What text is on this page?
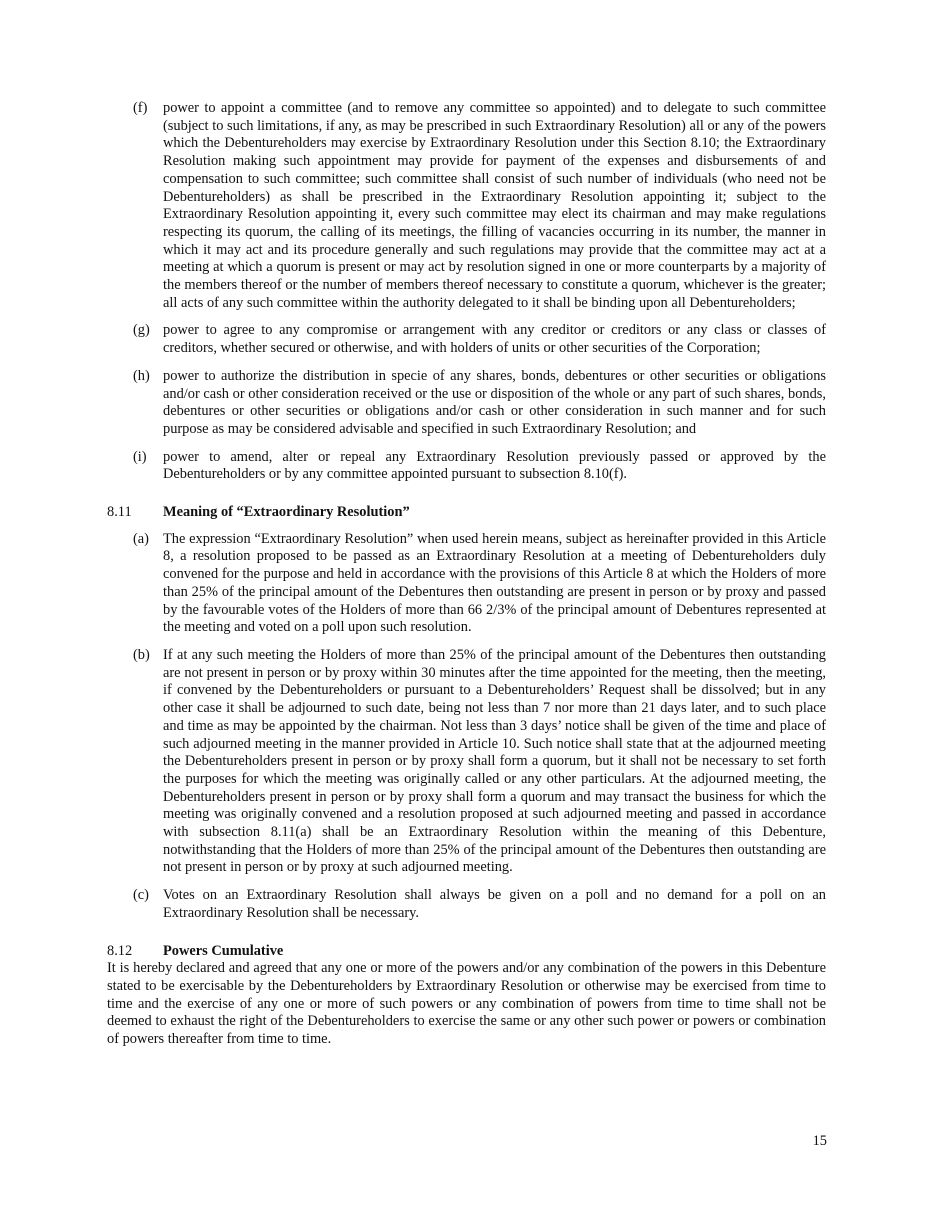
(f)	power to appoint a committee (and to remove any committee so appointed) and to delegate to such committee (subject to such limitations, if any, as may be prescribed in such Extraordinary Resolution) all or any of the powers which the Debentureholders may exercise by Extraordinary Resolution under this Section 8.10; the Extraordinary Resolution making such appointment may provide for payment of the expenses and disbursements of and compensation to such committee; such committee shall consist of such number of individuals (who need not be Debentureholders) as shall be prescribed in the Extraordinary Resolution appointing it; subject to the Extraordinary Resolution appointing it, every such committee may elect its chairman and may make regulations respecting its quorum, the calling of its meetings, the filling of vacancies occurring in its number, the manner in which it may act and its procedure generally and such regulations may provide that the committee may act at a meeting at which a quorum is present or may act by resolution signed in one or more counterparts by a majority of the members thereof or the number of members thereof necessary to constitute a quorum, whichever is the greater; all acts of any such committee within the authority delegated to it shall be binding upon all Debentureholders;
(g) power to agree to any compromise or arrangement with any creditor or creditors or any class or classes of creditors, whether secured or otherwise, and with holders of units or other securities of the Corporation;
(h) power to authorize the distribution in specie of any shares, bonds, debentures or other securities or obligations and/or cash or other consideration received or the use or disposition of the whole or any part of such shares, bonds, debentures or other securities or obligations and/or cash or other consideration in such manner and for such purpose as may be considered advisable and specified in such Extraordinary Resolution; and
(i)	power to amend, alter or repeal any Extraordinary Resolution previously passed or approved by the Debentureholders or by any committee appointed pursuant to subsection 8.10(f).
8.11	Meaning of “Extraordinary Resolution”
(a) The expression “Extraordinary Resolution” when used herein means, subject as hereinafter provided in this Article 8, a resolution proposed to be passed as an Extraordinary Resolution at a meeting of Debentureholders duly convened for the purpose and held in accordance with the provisions of this Article 8 at which the Holders of more than 25% of the principal amount of the Debentures then outstanding are present in person or by proxy and passed by the favourable votes of the Holders of more than 66 2/3% of the principal amount of Debentures represented at the meeting and voted on a poll upon such resolution.
(b) If at any such meeting the Holders of more than 25% of the principal amount of the Debentures then outstanding are not present in person or by proxy within 30 minutes after the time appointed for the meeting, then the meeting, if convened by the Debentureholders or pursuant to a Debentureholders’ Request shall be dissolved; but in any other case it shall be adjourned to such date, being not less than 7 nor more than 21 days later, and to such place and time as may be appointed by the chairman. Not less than 3 days’ notice shall be given of the time and place of such adjourned meeting in the manner provided in Article 10. Such notice shall state that at the adjourned meeting the Debentureholders present in person or by proxy shall form a quorum, but it shall not be necessary to set forth the purposes for which the meeting was originally called or any other particulars. At the adjourned meeting, the Debentureholders present in person or by proxy shall form a quorum and may transact the business for which the meeting was originally convened and a resolution proposed at such adjourned meeting and passed in accordance with subsection 8.11(a) shall be an Extraordinary Resolution within the meaning of this Debenture, notwithstanding that the Holders of more than 25% of the principal amount of the Debentures then outstanding are not present in person or by proxy at such adjourned meeting.
(c) Votes on an Extraordinary Resolution shall always be given on a poll and no demand for a poll on an Extraordinary Resolution shall be necessary.
8.12	Powers Cumulative

It is hereby declared and agreed that any one or more of the powers and/or any combination of the powers in this Debenture stated to be exercisable by the Debentureholders by Extraordinary Resolution or otherwise may be exercised from time to time and the exercise of any one or more of such powers or any combination of powers from time to time shall not be deemed to exhaust the right of the Debentureholders to exercise the same or any other such power or powers or combination of powers thereafter from time to time.

15
